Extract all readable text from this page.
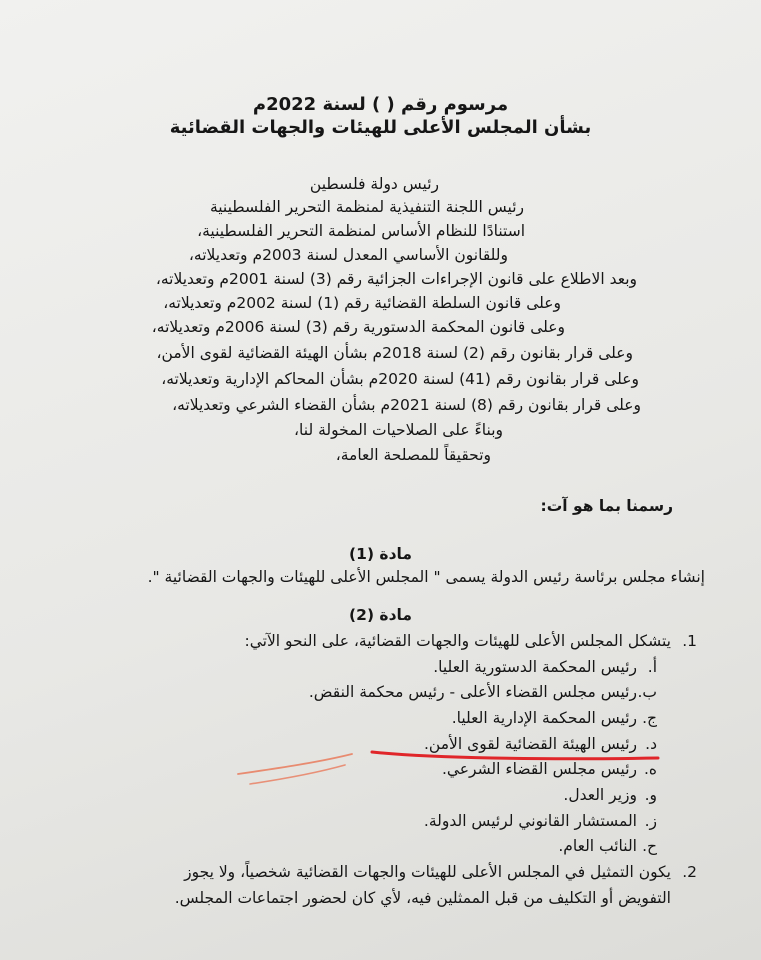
مرسوم رقم ( ) لسنة 2022م
بشأن المجلس الأعلى للهيئات والجهات القضائية
رئيس دولة فلسطين
رئيس اللجنة التنفيذية لمنظمة التحرير الفلسطينية
استنادًا للنظام الأساس لمنظمة التحرير الفلسطينية،
وللقانون الأساسي المعدل لسنة 2003م وتعديلاته،
وبعد الاطلاع على قانون الإجراءات الجزائية رقم (3) لسنة 2001م وتعديلاته،
وعلى قانون السلطة القضائية رقم (1) لسنة 2002م وتعديلاته،
وعلى قانون المحكمة الدستورية رقم (3) لسنة 2006م وتعديلاته،
وعلى قرار بقانون رقم (2) لسنة 2018م بشأن الهيئة القضائية لقوى الأمن،
وعلى قرار بقانون رقم (41) لسنة 2020م بشأن المحاكم الإدارية وتعديلاته،
وعلى قرار بقانون رقم (8) لسنة 2021م بشأن القضاء الشرعي وتعديلاته،
وبناءً على الصلاحيات المخولة لنا،
وتحقيقاً للمصلحة العامة،
رسمنا بما هو آت:
مادة (1)
إنشاء مجلس برئاسة رئيس الدولة يسمى " المجلس الأعلى للهيئات والجهات القضائية ".
مادة (2)
1.
يتشكل المجلس الأعلى للهيئات والجهات القضائية، على النحو الآتي:
أ.
رئيس المحكمة الدستورية العليا.
ب.
رئيس مجلس القضاء الأعلى - رئيس محكمة النقض.
ج.
رئيس المحكمة الإدارية العليا.
د.
رئيس الهيئة القضائية لقوى الأمن.
ه.
رئيس مجلس القضاء الشرعي.
و.
وزير العدل.
ز.
المستشار القانوني لرئيس الدولة.
ح.
النائب العام.
2.
يكون التمثيل في المجلس الأعلى للهيئات والجهات القضائية شخصياً، ولا يجوز
التفويض أو التكليف من قبل الممثلين فيه، لأي كان لحضور اجتماعات المجلس.
